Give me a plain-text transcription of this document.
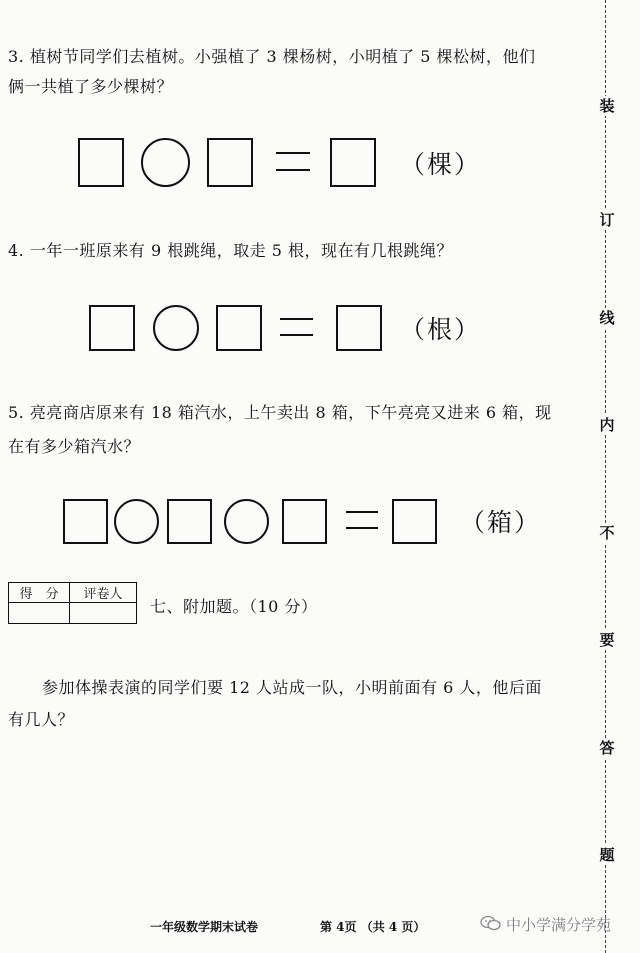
装
订
线
内
不
要
答
题
3. 植树节同学们去植树。小强植了 3 棵杨树，小明植了 5 棵松树，他们
俩一共植了多少棵树？
（棵）
4. 一年一班原来有 9 根跳绳，取走 5 根，现在有几根跳绳？
（根）
5. 亮亮商店原来有 18 箱汽水，上午卖出 8 箱，下午亮亮又进来 6 箱，现
在有多少箱汽水？
（箱）
得　分	评卷人

七、附加题。（10 分）
参加体操表演的同学们要 12 人站成一队，小明前面有 6 人，他后面
有几人？
一年级数学期末试卷	第 4页 （共 4 页）	中小学满分学苑
